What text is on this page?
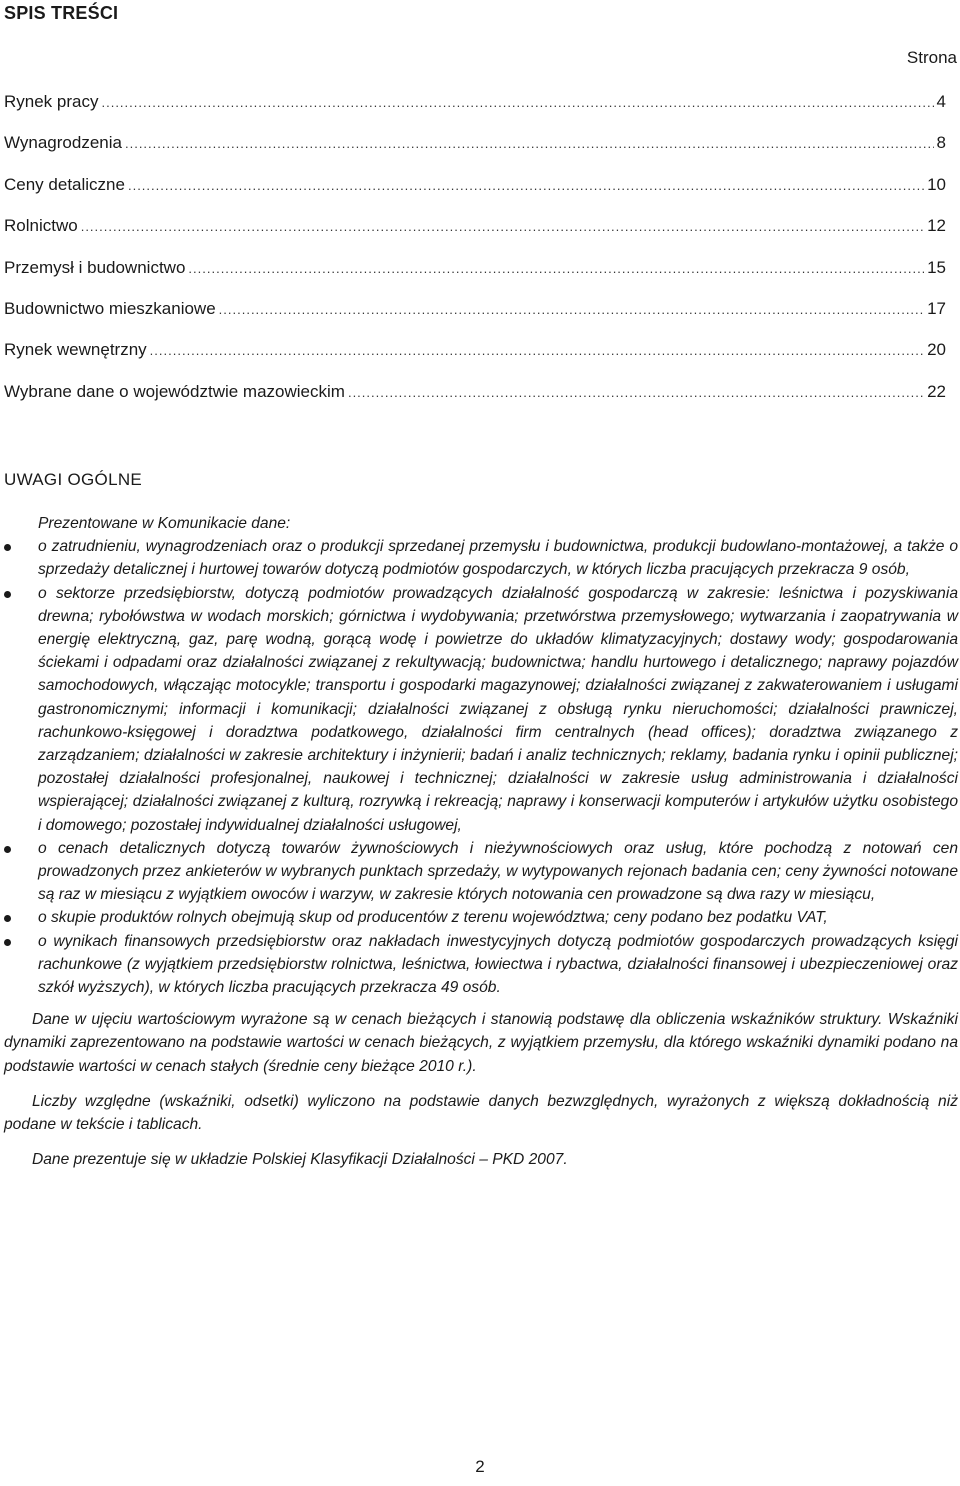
SPIS TREŚCI
Strona
Rynek pracy .....	4
Wynagrodzenia .....	8
Ceny detaliczne .....	10
Rolnictwo .....	12
Przemysł i budownictwo .....	15
Budownictwo mieszkaniowe .....	17
Rynek wewnętrzny .....	20
Wybrane dane o województwie mazowieckim .....	22
UWAGI OGÓLNE

Prezentowane w Komunikacie dane:

o zatrudnieniu, wynagrodzeniach oraz o produkcji sprzedanej przemysłu i budownictwa, produkcji budowlano-montażowej, a także o sprzedaży detalicznej i hurtowej towarów dotyczą podmiotów gospodarczych, w których liczba pracujących przekracza 9 osób,
o sektorze przedsiębiorstw, dotyczą podmiotów prowadzących działalność gospodarczą w zakresie: leśnictwa i pozyskiwania drewna; rybołówstwa w wodach morskich; górnictwa i wydobywania; przetwórstwa przemysłowego; wytwarzania i zaopatrywania w energię elektryczną, gaz, parę wodną, gorącą wodę i powietrze do układów klimatyzacyjnych; dostawy wody; gospodarowania ściekami i odpadami oraz działalności związanej z rekultywacją; budownictwa; handlu hurtowego i detalicznego; naprawy pojazdów samochodowych, włączając motocykle; transportu i gospodarki magazynowej; działalności związanej z zakwaterowaniem i usługami gastronomicznymi; informacji i komunikacji; działalności związanej z obsługą rynku nieruchomości; działalności prawniczej, rachunkowo-księgowej i doradztwa podatkowego, działalności firm centralnych (head offices); doradztwa związanego z zarządzaniem; działalności w zakresie architektury i inżynierii; badań i analiz technicznych; reklamy, badania rynku i opinii publicznej; pozostałej działalności profesjonalnej, naukowej i technicznej; działalności w zakresie usług administrowania i działalności wspierającej; działalności związanej z kulturą, rozrywką i rekreacją; naprawy i konserwacji komputerów i artykułów użytku osobistego i domowego; pozostałej indywidualnej działalności usługowej,
o cenach detalicznych dotyczą towarów żywnościowych i nieżywnościowych oraz usług, które pochodzą z notowań cen prowadzonych przez ankieterów w wybranych punktach sprzedaży, w wytypowanych rejonach badania cen; ceny żywności notowane są raz w miesiącu z wyjątkiem owoców i warzyw, w zakresie których notowania cen prowadzone są dwa razy w miesiącu,
o skupie produktów rolnych obejmują skup od producentów z terenu województwa; ceny podano bez podatku VAT,
o wynikach finansowych przedsiębiorstw oraz nakładach inwestycyjnych dotyczą podmiotów gospodarczych prowadzących księgi rachunkowe (z wyjątkiem przedsiębiorstw rolnictwa, leśnictwa, łowiectwa i rybactwa, działalności finansowej i ubezpieczeniowej oraz szkół wyższych), w których liczba pracujących przekracza 49 osób.

Dane w ujęciu wartościowym wyrażone są w cenach bieżących i stanowią podstawę dla obliczenia wskaźników struktury. Wskaźniki dynamiki zaprezentowano na podstawie wartości w cenach bieżących, z wyjątkiem przemysłu, dla którego wskaźniki dynamiki podano na podstawie wartości w cenach stałych (średnie ceny bieżące 2010 r.).

Liczby względne (wskaźniki, odsetki) wyliczono na podstawie danych bezwzględnych, wyrażonych z większą dokładnością niż podane w tekście i tablicach.

Dane prezentuje się w układzie Polskiej Klasyfikacji Działalności – PKD 2007.

2
